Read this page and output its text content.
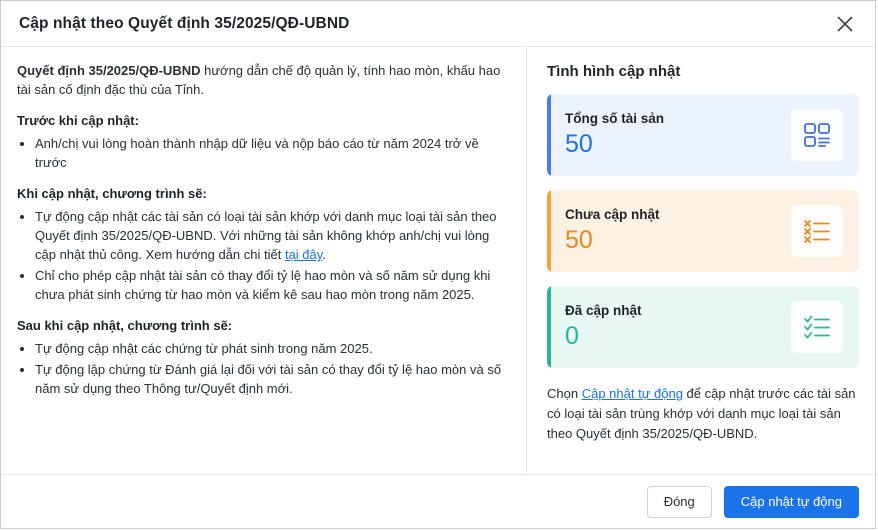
Cập nhật theo Quyết định 35/2025/QĐ-UBND

Quyết định 35/2025/QĐ-UBND hướng dẫn chế độ quản lý, tính hao mòn, khấu hao tài sản cố định đặc thù của Tỉnh.

Trước khi cập nhật:
• Anh/chị vui lòng hoàn thành nhập dữ liệu và nộp báo cáo từ năm 2024 trở về trước
Khi cập nhật, chương trình sẽ:
• Tự động cập nhật các tài sản có loại tài sản khớp với danh mục loại tài sản theo Quyết định 35/2025/QĐ-UBND. Với những tài sản không khớp anh/chị vui lòng cập nhật thủ công. Xem hướng dẫn chi tiết tại đây.
• Chỉ cho phép cập nhật tài sản có thay đổi tỷ lệ hao mòn và số năm sử dụng khi chưa phát sinh chứng từ hao mòn và kiểm kê sau hao mòn trong năm 2025.
Sau khi cập nhật, chương trình sẽ:
• Tự động cập nhật các chứng từ phát sinh trong năm 2025.
• Tự động lập chứng từ Đánh giá lại đối với tài sản có thay đổi tỷ lệ hao mòn và số năm sử dụng theo Thông tư/Quyết định mới.
Tình hình cập nhật
Tổng số tài sản
50
Chưa cập nhật
50
Đã cập nhật
0
Chọn Cập nhật tự động để cập nhật trước các tài sản có loại tài sản trùng khớp với danh mục loại tài sản theo Quyết định 35/2025/QĐ-UBND.
Đóng	Cập nhật tự động
